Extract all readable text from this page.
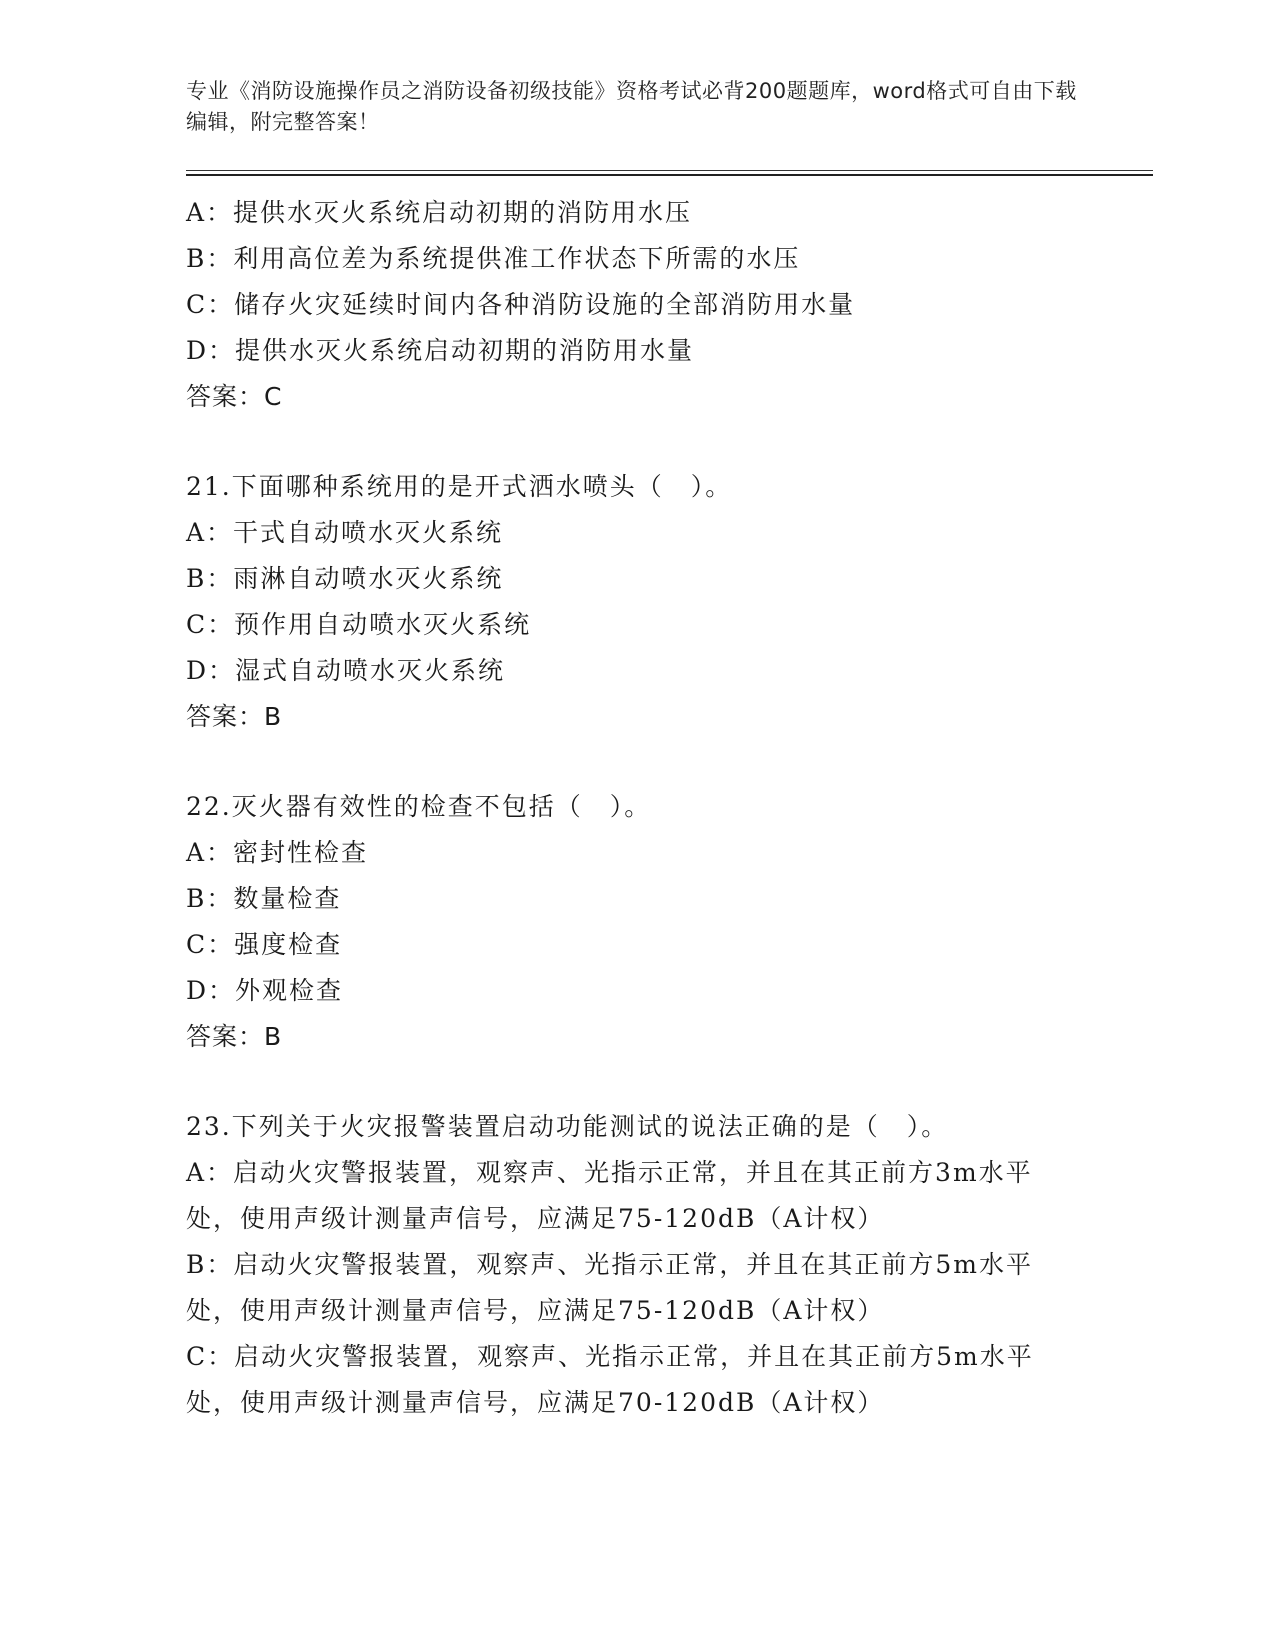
专业《消防设施操作员之消防设备初级技能》资格考试必背200题题库，word格式可自由下载编辑，附完整答案！
A：提供水灭火系统启动初期的消防用水压
B：利用高位差为系统提供准工作状态下所需的水压
C：储存火灾延续时间内各种消防设施的全部消防用水量
D：提供水灭火系统启动初期的消防用水量
答案：C
21.下面哪种系统用的是开式洒水喷头（　）。
A：干式自动喷水灭火系统
B：雨淋自动喷水灭火系统
C：预作用自动喷水灭火系统
D：湿式自动喷水灭火系统
答案：B
22.灭火器有效性的检查不包括（　）。
A：密封性检查
B：数量检查
C：强度检查
D：外观检查
答案：B
23.下列关于火灾报警装置启动功能测试的说法正确的是（　）。
A：启动火灾警报装置，观察声、光指示正常，并且在其正前方3m水平处，使用声级计测量声信号，应满足75-120dB（A计权）
B：启动火灾警报装置，观察声、光指示正常，并且在其正前方5m水平处，使用声级计测量声信号，应满足75-120dB（A计权）
C：启动火灾警报装置，观察声、光指示正常，并且在其正前方5m水平处，使用声级计测量声信号，应满足70-120dB（A计权）
